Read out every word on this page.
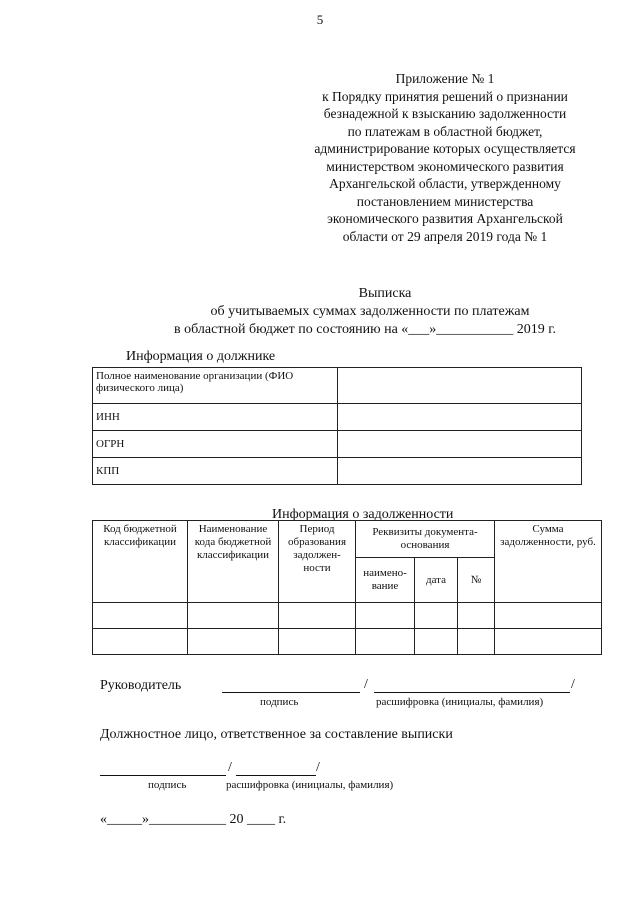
5
Приложение № 1
к Порядку принятия решений о признании
безнадежной к взысканию задолженности
по платежам в областной бюджет,
администрирование которых осуществляется
министерством экономического развития
Архангельской области, утвержденному
постановлением министерства
экономического развития Архангельской
области от 29 апреля 2019 года № 1
Выписка
об учитываемых суммах задолженности по платежам
в областной бюджет по состоянию на «___»___________ 2019 г.
Информация о должнике
Полное наименование организации (ФИО физического лица)	
ИНН	
ОГРН	
КПП	
Информация о задолженности
Код бюджетной классификации	Наименование кода бюджетной классификации	Период образования задолжен-ности	Реквизиты документа-основания			Сумма задолженности, руб.
			наимено-вание	дата	№	

Руководитель	/	/
подпись	расшифровка (инициалы, фамилия)
Должностное лицо, ответственное за составление выписки
/	/
подпись	расшифровка (инициалы, фамилия)
«_____»___________ 20 ____ г.
